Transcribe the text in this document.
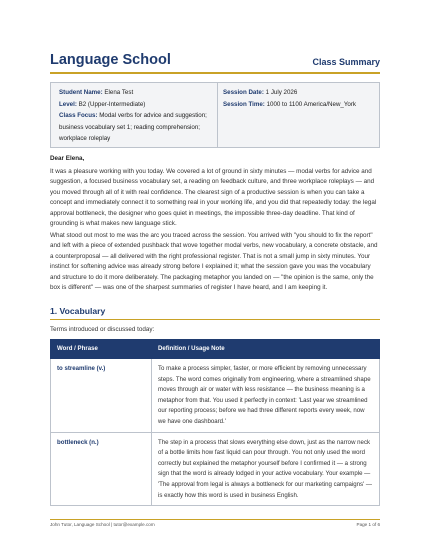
Language School	Class Summary
Student Name: Elena Test
Level: B2 (Upper-Intermediate)
Class Focus: Modal verbs for advice and suggestion; business vocabulary set 1; reading comprehension; workplace roleplay
Session Date: 1 July 2026
Session Time: 1000 to 1100 America/New_York
Dear Elena,

It was a pleasure working with you today. We covered a lot of ground in sixty minutes — modal verbs for advice and suggestion, a focused business vocabulary set, a reading on feedback culture, and three workplace roleplays — and you moved through all of it with real confidence. The clearest sign of a productive session is when you can take a concept and immediately connect it to something real in your working life, and you did that repeatedly today: the legal approval bottleneck, the designer who goes quiet in meetings, the impossible three-day deadline. That kind of grounding is what makes new language stick.

What stood out most to me was the arc you traced across the session. You arrived with "you should to fix the report" and left with a piece of extended pushback that wove together modal verbs, new vocabulary, a concrete obstacle, and a counterproposal — all delivered with the right professional register. That is not a small jump in sixty minutes. Your instinct for softening advice was already strong before I explained it; what the session gave you was the vocabulary and structure to do it more deliberately. The packaging metaphor you landed on — "the opinion is the same, only the box is different" — was one of the sharpest summaries of register I have heard, and I am keeping it.

1. Vocabulary
Terms introduced or discussed today:
Word / Phrase	Definition / Usage Note
to streamline (v.)	To make a process simpler, faster, or more efficient by removing unnecessary steps. The word comes originally from engineering, where a streamlined shape moves through air or water with less resistance — the business meaning is a metaphor from that. You used it perfectly in context: 'Last year we streamlined our reporting process; before we had three different reports every week, now we have one dashboard.'
bottleneck (n.)	The step in a process that slows everything else down, just as the narrow neck of a bottle limits how fast liquid can pour through. You not only used the word correctly but explained the metaphor yourself before I confirmed it — a strong sign that the word is already lodged in your active vocabulary. Your example — 'The approval from legal is always a bottleneck for our marketing campaigns' — is exactly how this word is used in business English.
John Tutor, Language School | tutor@example.com	Page 1 of 6
